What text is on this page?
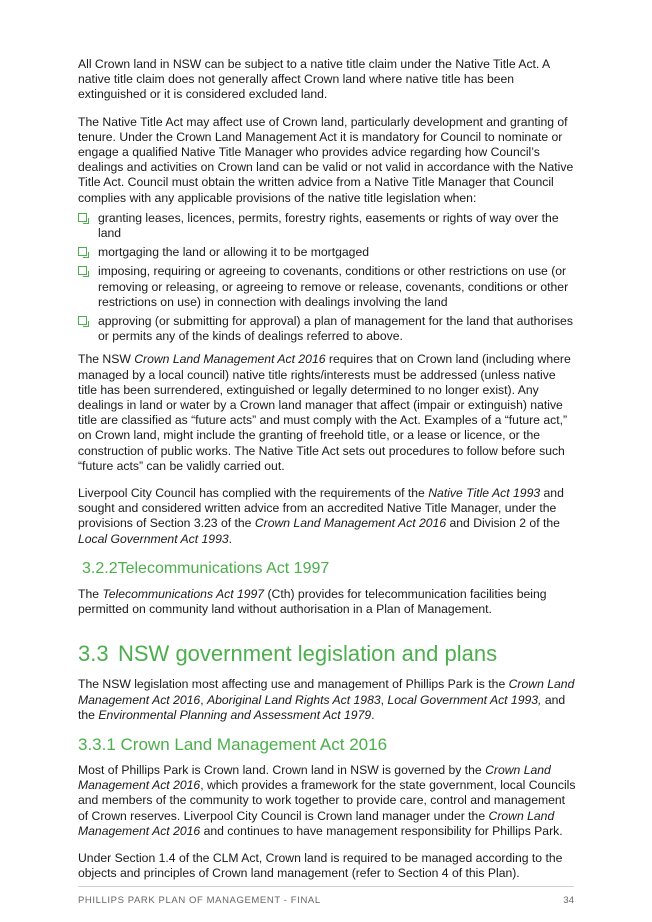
All Crown land in NSW can be subject to a native title claim under the Native Title Act. A native title claim does not generally affect Crown land where native title has been extinguished or it is considered excluded land.

The Native Title Act may affect use of Crown land, particularly development and granting of tenure. Under the Crown Land Management Act it is mandatory for Council to nominate or engage a qualified Native Title Manager who provides advice regarding how Council’s dealings and activities on Crown land can be valid or not valid in accordance with the Native Title Act. Council must obtain the written advice from a Native Title Manager that Council complies with any applicable provisions of the native title legislation when:

granting leases, licences, permits, forestry rights, easements or rights of way over the land
mortgaging the land or allowing it to be mortgaged
imposing, requiring or agreeing to covenants, conditions or other restrictions on use (or removing or releasing, or agreeing to remove or release, covenants, conditions or other restrictions on use) in connection with dealings involving the land
approving (or submitting for approval) a plan of management for the land that authorises or permits any of the kinds of dealings referred to above.

The NSW Crown Land Management Act 2016 requires that on Crown land (including where managed by a local council) native title rights/interests must be addressed (unless native title has been surrendered, extinguished or legally determined to no longer exist). Any dealings in land or water by a Crown land manager that affect (impair or extinguish) native title are classified as “future acts” and must comply with the Act. Examples of a “future act,” on Crown land, might include the granting of freehold title, or a lease or licence, or the construction of public works. The Native Title Act sets out procedures to follow before such “future acts” can be validly carried out.

Liverpool City Council has complied with the requirements of the Native Title Act 1993 and sought and considered written advice from an accredited Native Title Manager, under the provisions of Section 3.23 of the Crown Land Management Act 2016 and Division 2 of the Local Government Act 1993.

3.2.2Telecommunications Act 1997

The Telecommunications Act 1997 (Cth) provides for telecommunication facilities being permitted on community land without authorisation in a Plan of Management.

3.3 NSW government legislation and plans

The NSW legislation most affecting use and management of Phillips Park is the Crown Land Management Act 2016, Aboriginal Land Rights Act 1983, Local Government Act 1993, and the Environmental Planning and Assessment Act 1979.

3.3.1 Crown Land Management Act 2016

Most of Phillips Park is Crown land. Crown land in NSW is governed by the Crown Land Management Act 2016, which provides a framework for the state government, local Councils and members of the community to work together to provide care, control and management of Crown reserves. Liverpool City Council is Crown land manager under the Crown Land Management Act 2016 and continues to have management responsibility for Phillips Park.

Under Section 1.4 of the CLM Act, Crown land is required to be managed according to the objects and principles of Crown land management (refer to Section 4 of this Plan).

PHILLIPS PARK PLAN OF MANAGEMENT - FINAL	34
